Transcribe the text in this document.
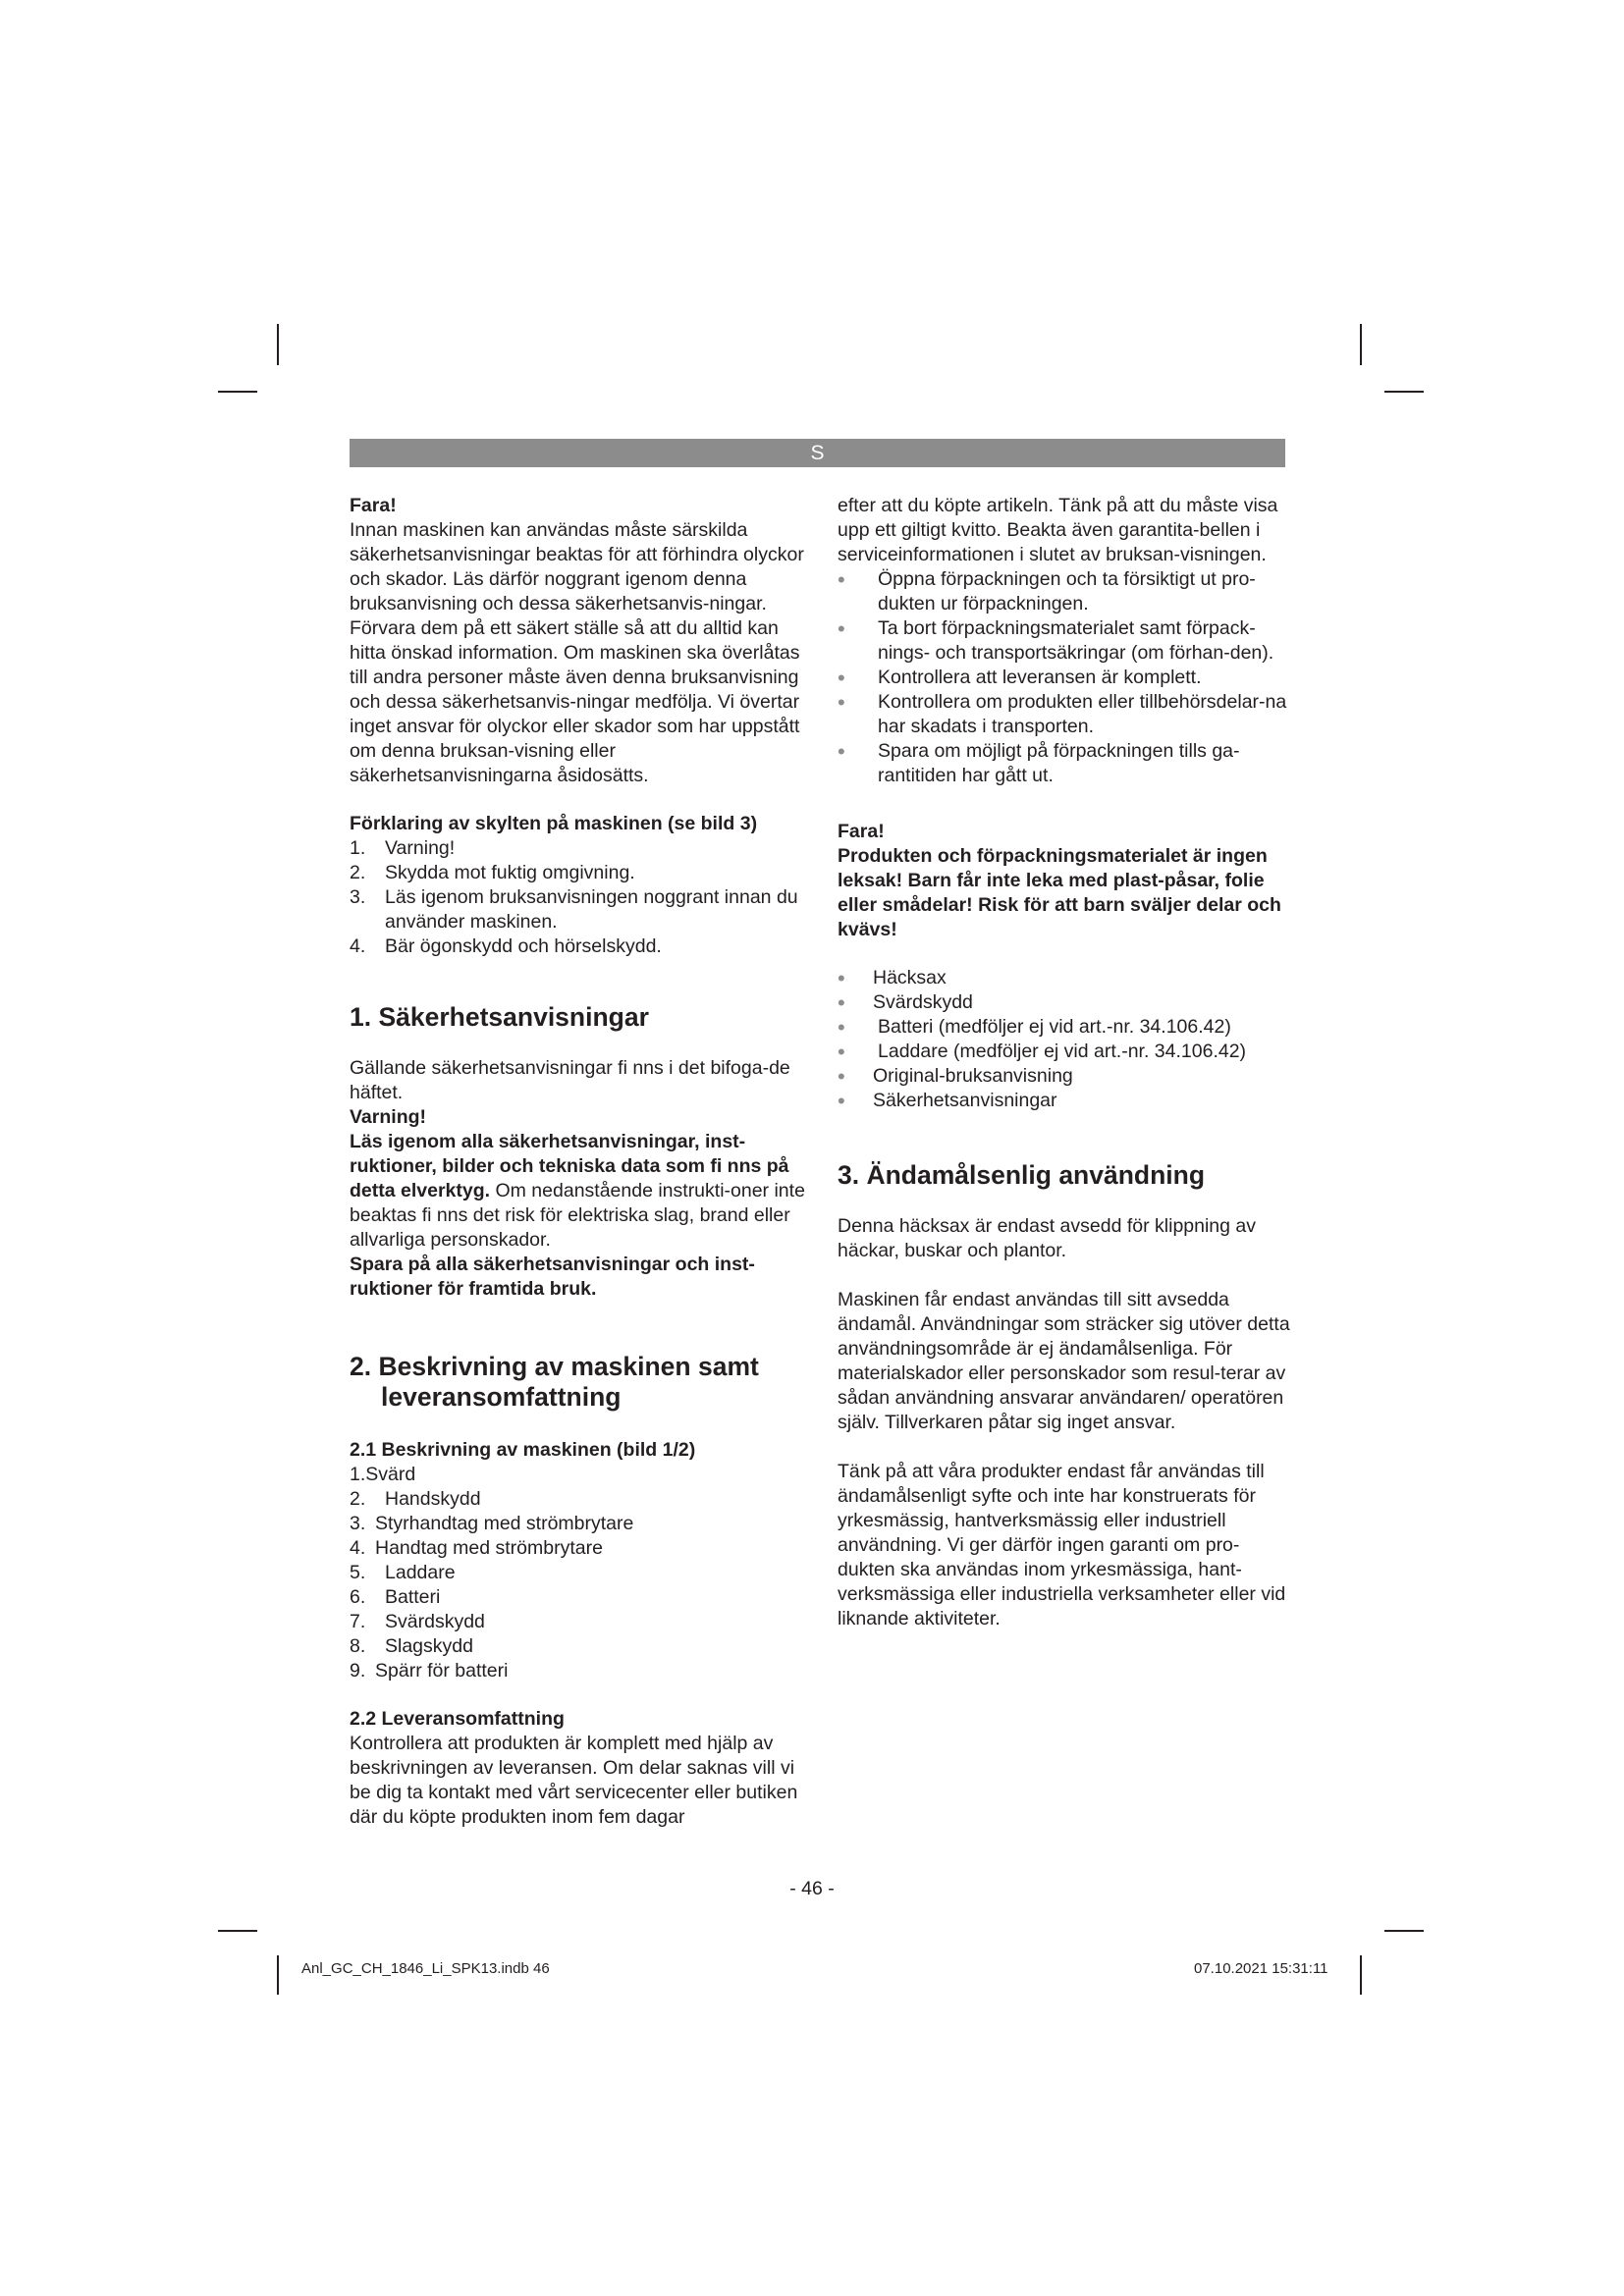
S

Fara!

Innan maskinen kan användas måste särskilda säkerhetsanvisningar beaktas för att förhindra olyckor och skador. Läs därför noggrant igenom denna bruksanvisning och dessa säkerhetsanvis-ningar. Förvara dem på ett säkert ställe så att du alltid kan hitta önskad information. Om maskinen ska överlåtas till andra personer måste även denna bruksanvisning och dessa säkerhetsanvis-ningar medfölja. Vi övertar inget ansvar för olyckor eller skador som har uppstått om denna bruksan-visning eller säkerhetsanvisningarna åsidosätts.

Förklaring av skylten på maskinen (se bild 3)

1. Varning!
2. Skydda mot fuktig omgivning.
3. Läs igenom bruksanvisningen noggrant innan du använder maskinen.
4. Bär ögonskydd och hörselskydd.
1. Säkerhetsanvisningar

Gällande säkerhetsanvisningar fi nns i det bifoga-de häftet.

Varning!

Läs igenom alla säkerhetsanvisningar, inst-ruktioner, bilder och tekniska data som fi nns på detta elverktyg. Om nedanstående instrukti-oner inte beaktas fi nns det risk för elektriska slag, brand eller allvarliga personskador.

Spara på alla säkerhetsanvisningar och inst-ruktioner för framtida bruk.

2. Beskrivning av maskinen samt leveransomfattning

2.1 Beskrivning av maskinen (bild 1/2)

1.Svärd
2. Handskydd
3. Styrhandtag med strömbrytare
4. Handtag med strömbrytare
5. Laddare
6. Batteri
7. Svärdskydd
8. Slagskydd
9. Spärr för batteri

2.2 Leveransomfattning

Kontrollera att produkten är komplett med hjälp av beskrivningen av leveransen. Om delar saknas vill vi be dig ta kontakt med vårt servicecenter eller butiken där du köpte produkten inom fem dagar

efter att du köpte artikeln. Tänk på att du måste visa upp ett giltigt kvitto. Beakta även garantita-bellen i serviceinformationen i slutet av bruksan-visningen.

• Öppna förpackningen och ta försiktigt ut pro-dukten ur förpackningen.
• Ta bort förpackningsmaterialet samt förpack-nings- och transportsäkringar (om förhan-den).
• Kontrollera att leveransen är komplett.
• Kontrollera om produkten eller tillbehörsdelar-na har skadats i transporten.
• Spara om möjligt på förpackningen tills ga-rantitiden har gått ut.

Fara!

Produkten och förpackningsmaterialet är ingen leksak! Barn får inte leka med plast-påsar, folie eller smådelar! Risk för att barn sväljer delar och kvävs!

• Häcksax
• Svärdskydd
• Batteri (medföljer ej vid art.-nr. 34.106.42)
• Laddare (medföljer ej vid art.-nr. 34.106.42)
• Original-bruksanvisning
• Säkerhetsanvisningar
3. Ändamålsenlig användning

Denna häcksax är endast avsedd för klippning av häckar, buskar och plantor.

Maskinen får endast användas till sitt avsedda ändamål. Användningar som sträcker sig utöver detta användningsområde är ej ändamålsenliga. För materialskador eller personskador som resul-terar av sådan användning ansvarar användaren/ operatören själv. Tillverkaren påtar sig inget ansvar.

Tänk på att våra produkter endast får användas till ändamålsenligt syfte och inte har konstruerats för yrkesmässig, hantverksmässig eller industriell användning. Vi ger därför ingen garanti om pro-dukten ska användas inom yrkesmässiga, hant-verksmässiga eller industriella verksamheter eller vid liknande aktiviteter.

- 46 -
Anl_GC_CH_1846_Li_SPK13.indb 46	07.10.2021 15:31:11
